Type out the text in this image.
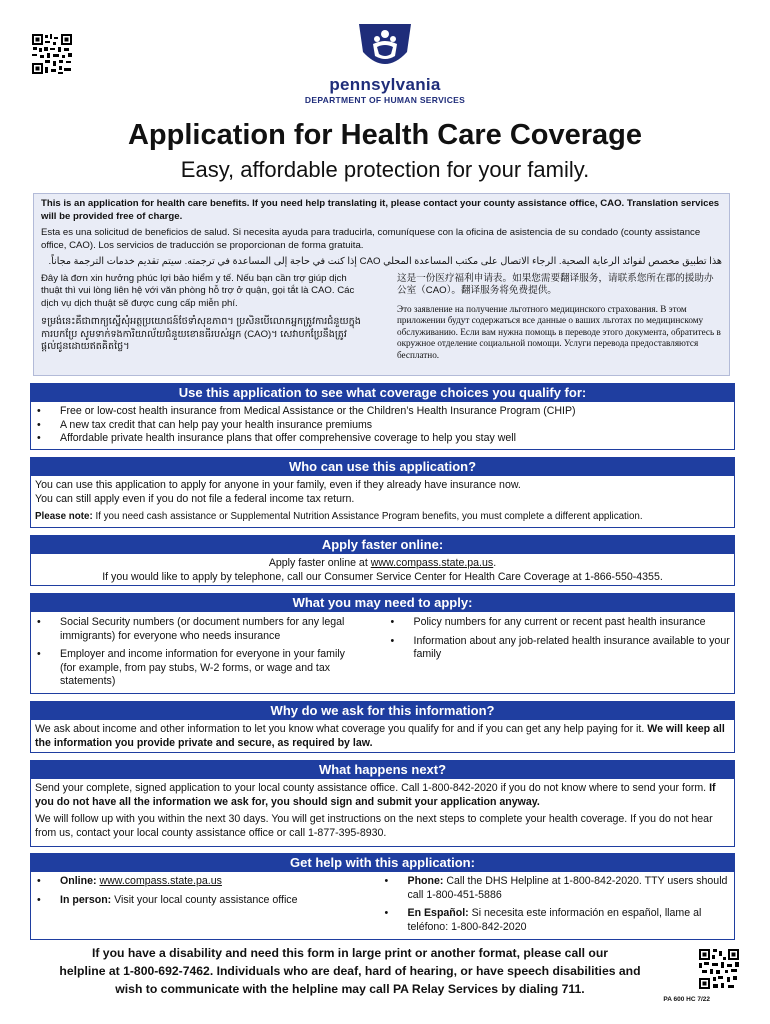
pennsylvania
DEPARTMENT OF HUMAN SERVICES
Application for Health Care Coverage
Easy, affordable protection for your family.

This is an application for health care benefits. If you need help translating it, please contact your county assistance office, CAO. Translation services will be provided free of charge.

Esta es una solicitud de beneficios de salud. Si necesita ayuda para traducirla, comuníquese con la oficina de asistencia de su condado (county assistance office, CAO). Los servicios de traducción se proporcionan de forma gratuita.

هذا تطبيق مخصص لفوائد الرعاية الصحية. الرجاء الاتصال على مكتب المساعدة المحلي CAO إذا كنت في حاجة إلى المساعدة في ترجمته. سيتم تقديم خدمات الترجمة مجاناً.

Đây là đơn xin hưởng phúc lợi bảo hiểm y tế. Nếu bạn cần trợ giúp dịch thuật thì vui lòng liên hệ với văn phòng hỗ trợ ở quận, gọi tắt là CAO. Các dịch vụ dịch thuật sẽ được cung cấp miễn phí.

ទម្រង់នេះគឺជាពាក្យស្នើសុំអត្ថប្រយោជន៍ថែទាំសុខភាព។ ប្រសិនបើលោកអ្នកត្រូវការជំនួយក្នុងការបកប្រែ សូមទាក់ទងការិយាល័យជំនួយខោនធីរបស់អ្នក (CAO)។ សេវាបកប្រែនឹងត្រូវផ្តល់ជូនដោយឥតគិតថ្លៃ។

这是一份医疗福利申请表。如果您需要翻译服务，请联系您所在郡的援助办公室（CAO）。翻译服务将免费提供。

Это заявление на получение льготного медицинского страхования. В этом приложении будут содержаться все данные о ваших льготах по медицинскому обслуживанию. Если вам нужна помощь в переводе этого документа, обратитесь в окружное отделение социальной помощи. Услуги перевода предоставляются бесплатно.

Use this application to see what coverage choices you qualify for:
• Free or low-cost health insurance from Medical Assistance or the Children’s Health Insurance Program (CHIP)
• A new tax credit that can help pay your health insurance premiums
• Affordable private health insurance plans that offer comprehensive coverage to help you stay well
Who can use this application?
You can use this application to apply for anyone in your family, even if they already have insurance now.
You can still apply even if you do not file a federal income tax return.
Please note: If you need cash assistance or Supplemental Nutrition Assistance Program benefits, you must complete a different application.
Apply faster online:
Apply faster online at www.compass.state.pa.us.
If you would like to apply by telephone, call our Consumer Service Center for Health Care Coverage at 1-866-550-4355.
What you may need to apply:
• Social Security numbers (or document numbers for any legal immigrants) for everyone who needs insurance
• Employer and income information for everyone in your family (for example, from pay stubs, W-2 forms, or wage and tax statements)
• Policy numbers for any current or recent past health insurance
• Information about any job-related health insurance available to your family
Why do we ask for this information?
We ask about income and other information to let you know what coverage you qualify for and if you can get any help paying for it. We will keep all the information you provide private and secure, as required by law.
What happens next?
Send your complete, signed application to your local county assistance office. Call 1-800-842-2020 if you do not know where to send your form. If you do not have all the information we ask for, you should sign and submit your application anyway.
We will follow up with you within the next 30 days. You will get instructions on the next steps to complete your health coverage. If you do not hear from us, contact your local county assistance office or call 1-877-395-8930.
Get help with this application:
• Online: www.compass.state.pa.us
• In person: Visit your local county assistance office
• Phone: Call the DHS Helpline at 1-800-842-2020. TTY users should call 1-800-451-5886
• En Español: Si necesita este información en español, llame al teléfono: 1-800-842-2020
If you have a disability and need this form in large print or another format, please call our
helpline at 1-800-692-7462. Individuals who are deaf, hard of hearing, or have speech disabilities and
wish to communicate with the helpline may call PA Relay Services by dialing 711.
PA 600 HC 7/22
